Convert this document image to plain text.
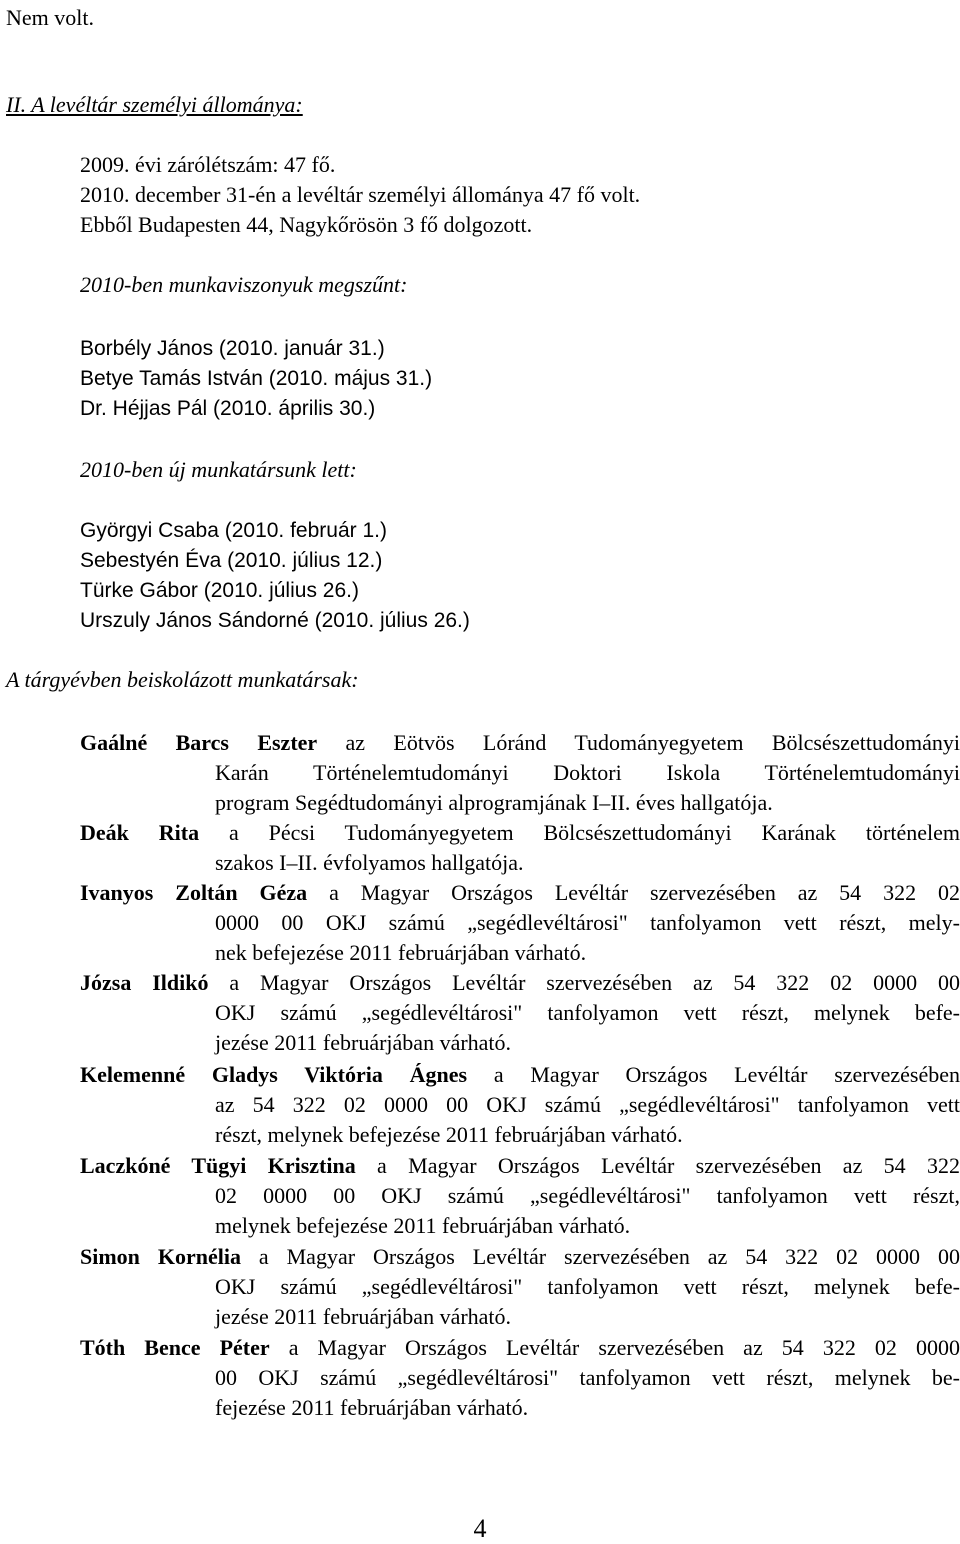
Nem volt.
II. A levéltár személyi állománya:
2009. évi zárólétszám: 47 fő.
2010. december 31-én a levéltár személyi állománya 47 fő volt.
Ebből Budapesten 44, Nagykőrösön 3 fő dolgozott.
2010-ben munkaviszonyuk megszűnt:
Borbély János (2010. január 31.)
Betye Tamás István (2010. május 31.)
Dr. Héjjas Pál (2010. április 30.)
2010-ben új munkatársunk lett:
Györgyi Csaba (2010. február 1.)
Sebestyén Éva (2010. július 12.)
Türke Gábor (2010. július 26.)
Urszuly János Sándorné (2010. július 26.)
A tárgyévben beiskolázott munkatársak:
Gaálné Barcs Eszter az Eötvös Lóránd Tudományegyetem Bölcsészettudományi
Karán Történelemtudományi Doktori Iskola Történelemtudományi
program Segédtudományi alprogramjának I–II. éves hallgatója.
Deák Rita a Pécsi Tudományegyetem Bölcsészettudományi Karának történelem
szakos I–II. évfolyamos hallgatója.
Ivanyos Zoltán Géza a Magyar Országos Levéltár szervezésében az 54 322 02
0000 00 OKJ számú „segédlevéltárosi" tanfolyamon vett részt, mely-
nek befejezése 2011 februárjában várható.
Józsa Ildikó a Magyar Országos Levéltár szervezésében az 54 322 02 0000 00
OKJ számú „segédlevéltárosi" tanfolyamon vett részt, melynek befe-
jezése 2011 februárjában várható.
Kelemenné Gladys Viktória Ágnes a Magyar Országos Levéltár szervezésében
az 54 322 02 0000 00 OKJ számú „segédlevéltárosi" tanfolyamon vett
részt, melynek befejezése 2011 februárjában várható.
Laczkóné Tügyi Krisztina a Magyar Országos Levéltár szervezésében az 54 322
02 0000 00 OKJ számú „segédlevéltárosi" tanfolyamon vett részt,
melynek befejezése 2011 februárjában várható.
Simon Kornélia a Magyar Országos Levéltár szervezésében az 54 322 02 0000 00
OKJ számú „segédlevéltárosi" tanfolyamon vett részt, melynek befe-
jezése 2011 februárjában várható.
Tóth Bence Péter a Magyar Országos Levéltár szervezésében az 54 322 02 0000
00 OKJ számú „segédlevéltárosi" tanfolyamon vett részt, melynek be-
fejezése 2011 februárjában várható.
4
